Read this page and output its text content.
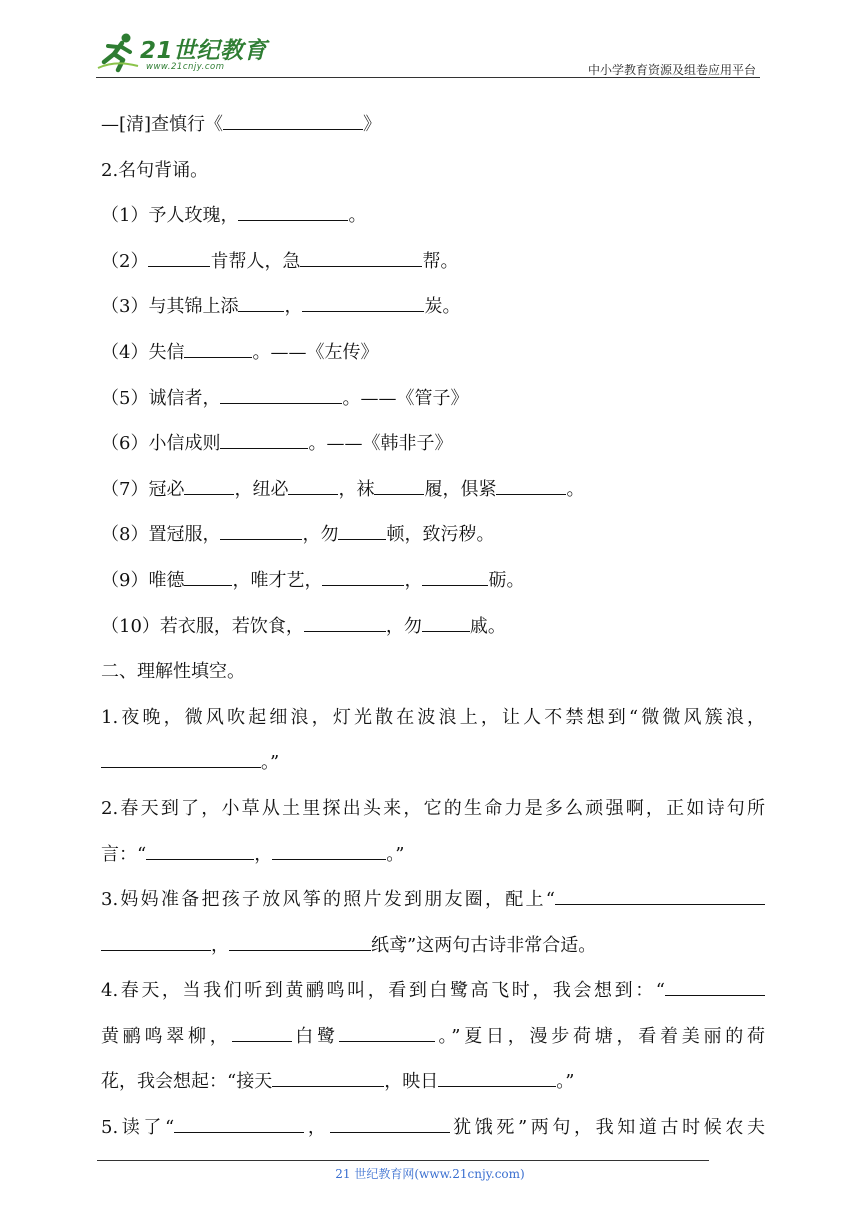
21世纪教育
www.21cnjy.com	中小学教育资源及组卷应用平台
—[清]查慎行《	》
2.名句背诵。
（1）予人玫瑰，	。
（2）	肯帮人，急	帮。
（3）与其锦上添	，	炭。
（4）失信	。——《左传》
（5）诚信者，	。——《管子》
（6）小信成则	。——《韩非子》
（7）冠必	，纽必	，袜	履，俱紧	。
（8）置冠服，	，勿	顿，致污秽。
（9）唯德	，唯才艺，	，	砺。
（10）若衣服，若饮食，	，勿	戚。
二、理解性填空。
1.夜晚，微风吹起细浪，灯光散在波浪上，让人不禁想到“微微风簇浪，
。”
2.春天到了，小草从土里探出头来，它的生命力是多么顽强啊，正如诗句所
言：“	，	。”
3.妈妈准备把孩子放风筝的照片发到朋友圈，配上“
，	纸鸢”这两句古诗非常合适。
4.春天，当我们听到黄鹂鸣叫，看到白鹭高飞时，我会想到：“
黄鹂鸣翠柳，	白鹭	。”夏日，漫步荷塘，看着美丽的荷
花，我会想起：“接天	，映日	。”
5.读了“	，	犹饿死”两句，我知道古时候农夫
21 世纪教育网(www.21cnjy.com)
